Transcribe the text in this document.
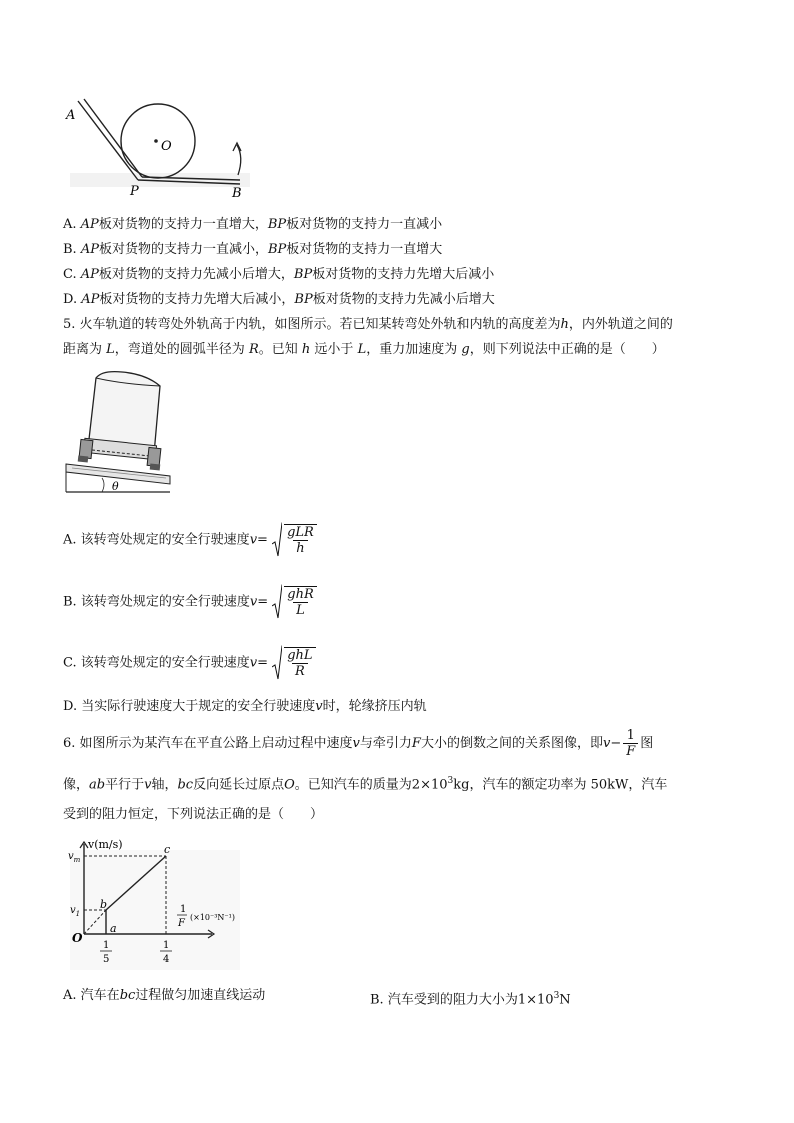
A
O
P	B
A. AP板对货物的支持力一直增大，BP板对货物的支持力一直减小
B. AP板对货物的支持力一直减小，BP板对货物的支持力一直增大
C. AP板对货物的支持力先减小后增大，BP板对货物的支持力先增大后减小
D. AP板对货物的支持力先增大后减小，BP板对货物的支持力先减小后增大
5. 火车轨道的转弯处外轨高于内轨，如图所示。若已知某转弯处外轨和内轨的高度差为h，内外轨道之间的
距离为 L，弯道处的圆弧半径为 R。已知 h 远小于 L，重力加速度为 g，则下列说法中正确的是（　　）
θ
A. 该转弯处规定的安全行驶速度$v= \frac{\text{gLR}}{h}$
B. 该转弯处规定的安全行驶速度$v= \frac{\text{ghR}}{L}$
C. 该转弯处规定的安全行驶速度$v= \frac{\text{ghL}}{R}$
D. 当实际行驶速度大于规定的安全行驶速度v时，轮缘挤压内轨
6. 如图所示为某汽车在平直公路上启动过程中速度v与牵引力F大小的倒数之间的关系图像，即$v- \frac{1}{F}$ 图
像，ab平行于v轴，bc反向延长过原点O。已知汽车的质量为$2\times 10^3kg$，汽车的额定功率为 50kW，汽车
受到的阻力恒定，下列说法正确的是（　　）
v(m/s)
$v_m$
$v_1$
b
c
a
O
1
F
(×10⁻³N⁻¹)
1
5
1
4
A. 汽车在bc过程做匀加速直线运动	B. 汽车受到的阻力大小为$1\times 10^3N$
